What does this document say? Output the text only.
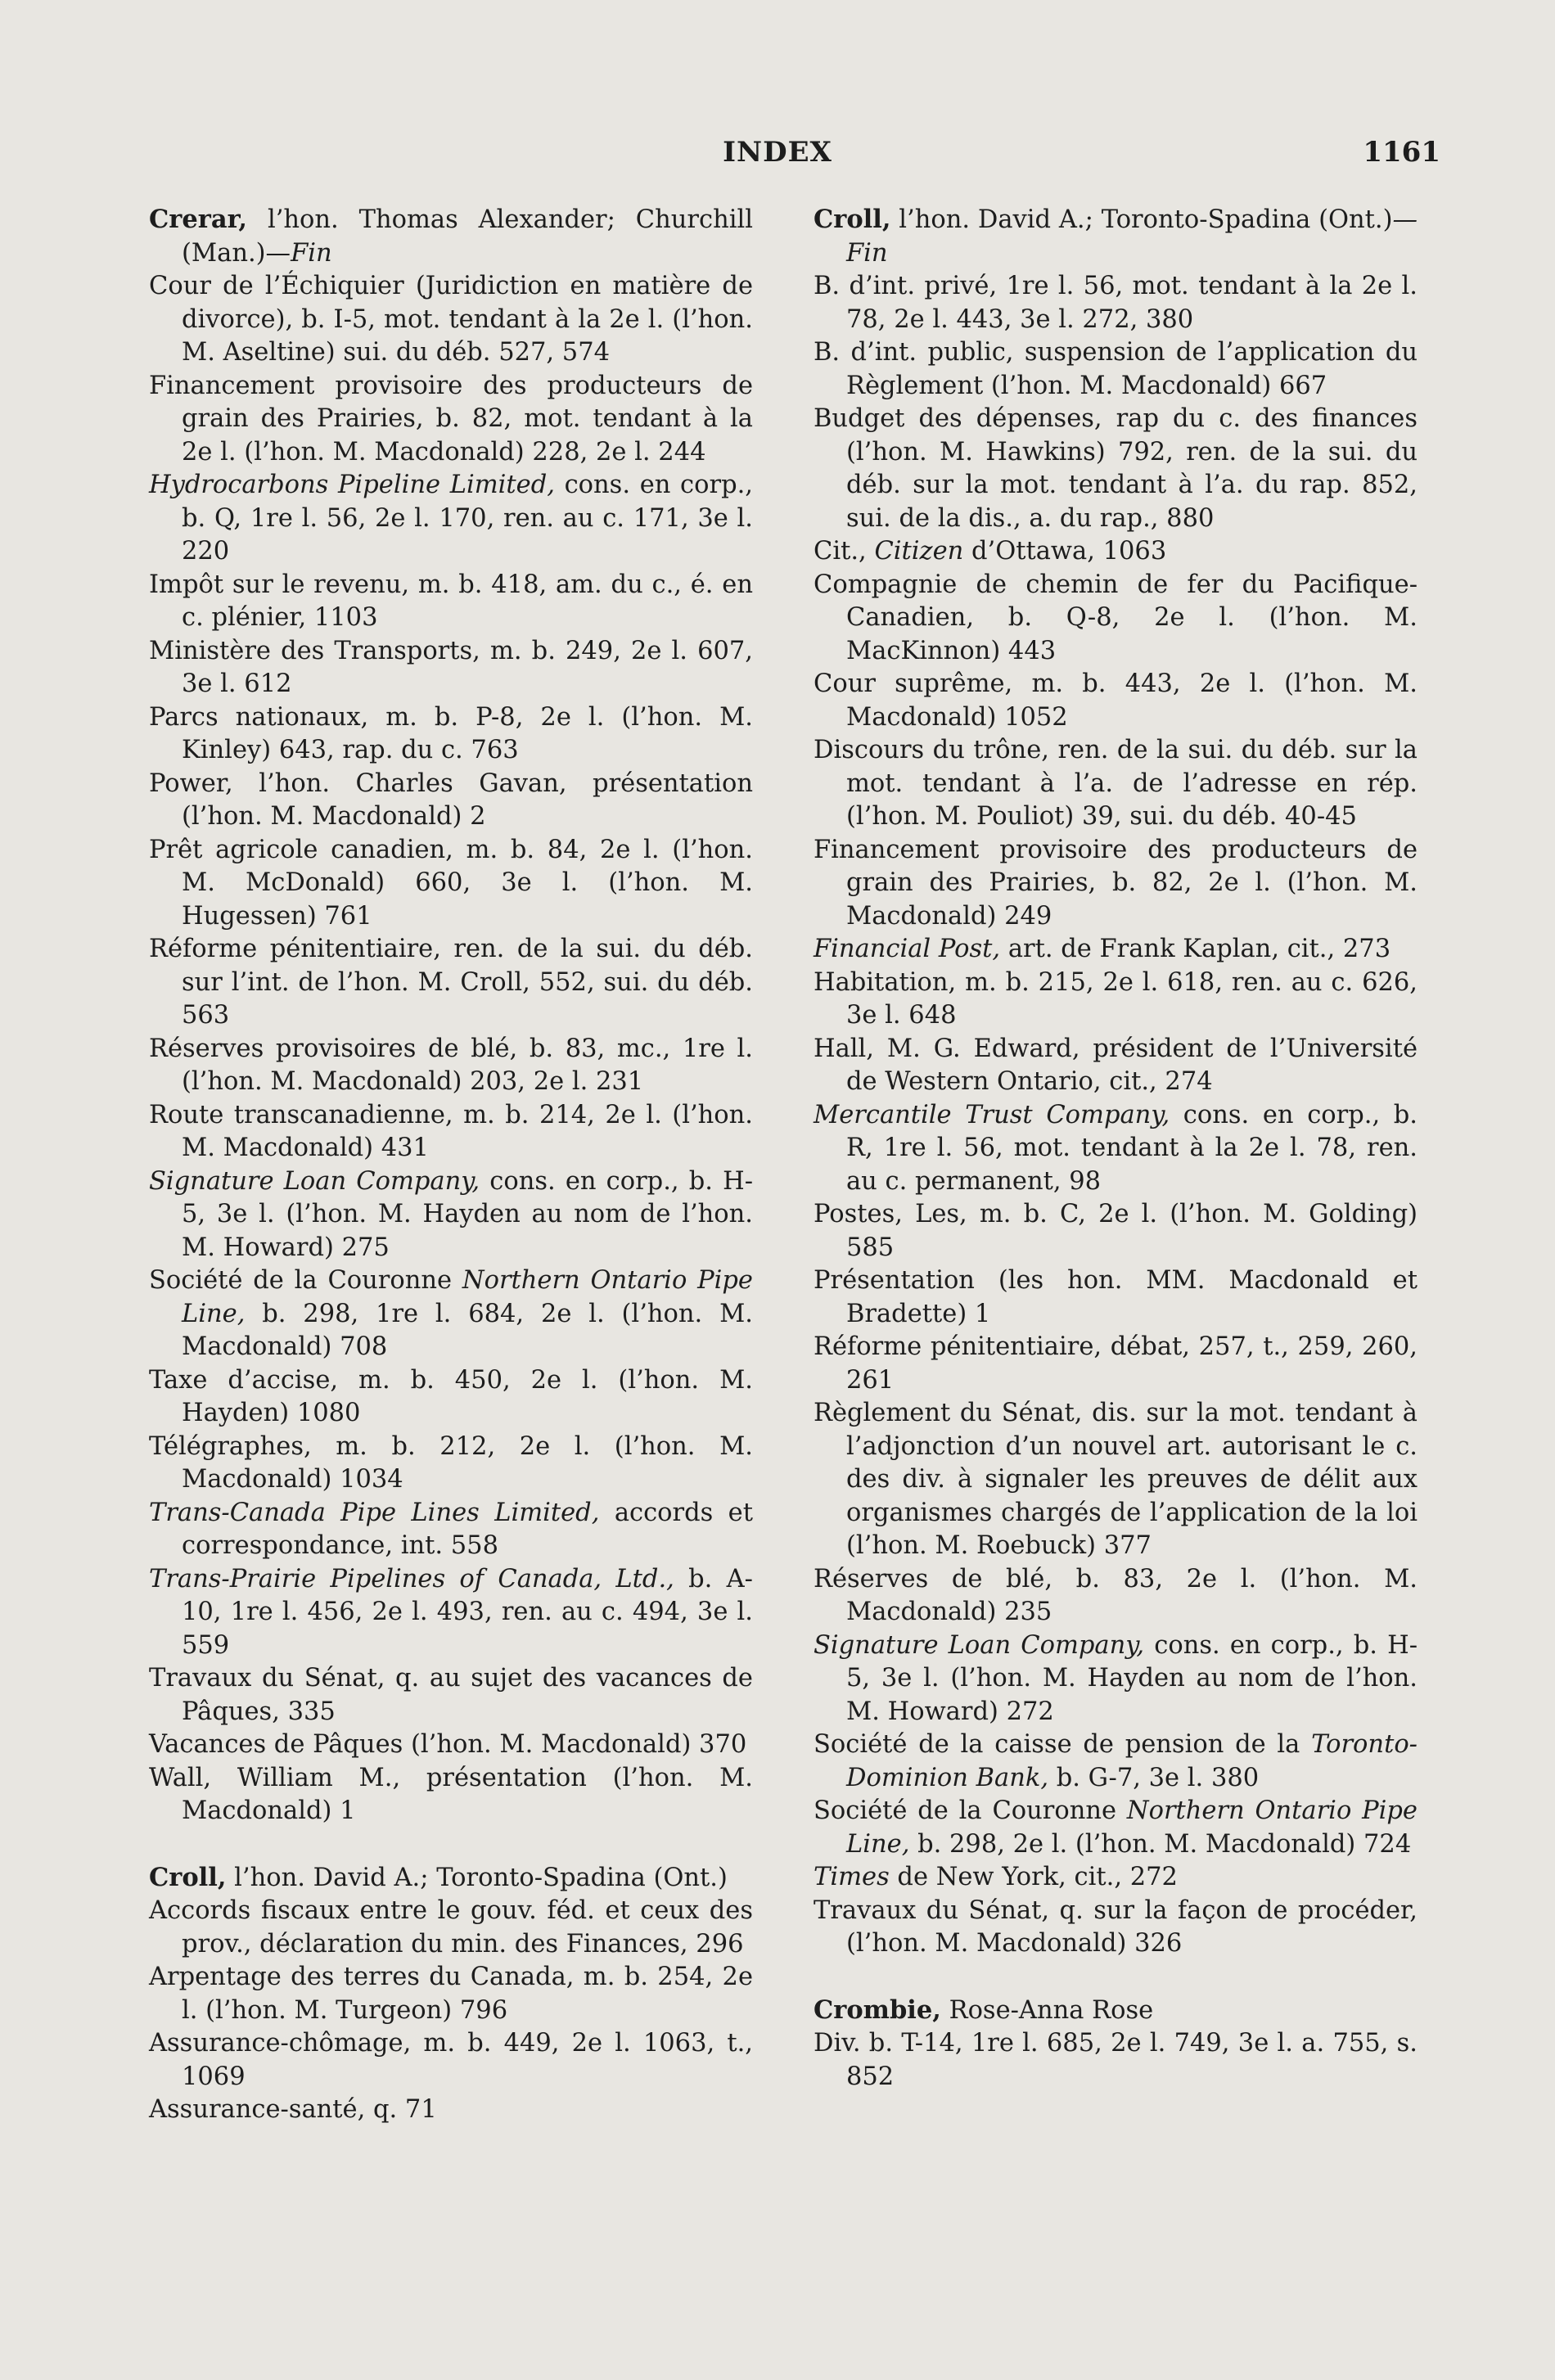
INDEX	1161

Crerar, l’hon. Thomas Alexander; Churchill (Man.)—Fin

Cour de l’Échiquier (Juridiction en matière de divorce), b. I-5, mot. tendant à la 2e l. (l’hon. M. Aseltine) sui. du déb. 527, 574

Financement provisoire des producteurs de grain des Prairies, b. 82, mot. tendant à la 2e l. (l’hon. M. Macdonald) 228, 2e l. 244

Hydrocarbons Pipeline Limited, cons. en corp., b. Q, 1re l. 56, 2e l. 170, ren. au c. 171, 3e l. 220

Impôt sur le revenu, m. b. 418, am. du c., é. en c. plénier, 1103

Ministère des Transports, m. b. 249, 2e l. 607, 3e l. 612

Parcs nationaux, m. b. P-8, 2e l. (l’hon. M. Kinley) 643, rap. du c. 763

Power, l’hon. Charles Gavan, présentation (l’hon. M. Macdonald) 2

Prêt agricole canadien, m. b. 84, 2e l. (l’hon. M. McDonald) 660, 3e l. (l’hon. M. Hugessen) 761

Réforme pénitentiaire, ren. de la sui. du déb. sur l’int. de l’hon. M. Croll, 552, sui. du déb. 563

Réserves provisoires de blé, b. 83, mc., 1re l. (l’hon. M. Macdonald) 203, 2e l. 231

Route transcanadienne, m. b. 214, 2e l. (l’hon. M. Macdonald) 431

Signature Loan Company, cons. en corp., b. H-5, 3e l. (l’hon. M. Hayden au nom de l’hon. M. Howard) 275

Société de la Couronne Northern Ontario Pipe Line, b. 298, 1re l. 684, 2e l. (l’hon. M. Macdonald) 708

Taxe d’accise, m. b. 450, 2e l. (l’hon. M. Hayden) 1080

Télégraphes, m. b. 212, 2e l. (l’hon. M. Macdonald) 1034

Trans-Canada Pipe Lines Limited, accords et correspondance, int. 558

Trans-Prairie Pipelines of Canada, Ltd., b. A-10, 1re l. 456, 2e l. 493, ren. au c. 494, 3e l. 559

Travaux du Sénat, q. au sujet des vacances de Pâques, 335

Vacances de Pâques (l’hon. M. Macdonald) 370

Wall, William M., présentation (l’hon. M. Macdonald) 1

Croll, l’hon. David A.; Toronto-Spadina (Ont.)

Accords fiscaux entre le gouv. féd. et ceux des prov., déclaration du min. des Finances, 296

Arpentage des terres du Canada, m. b. 254, 2e l. (l’hon. M. Turgeon) 796

Assurance-chômage, m. b. 449, 2e l. 1063, t., 1069

Assurance-santé, q. 71

Croll, l’hon. David A.; Toronto-Spadina (Ont.)—Fin

B. d’int. privé, 1re l. 56, mot. tendant à la 2e l. 78, 2e l. 443, 3e l. 272, 380

B. d’int. public, suspension de l’application du Règlement (l’hon. M. Macdonald) 667

Budget des dépenses, rap du c. des finances (l’hon. M. Hawkins) 792, ren. de la sui. du déb. sur la mot. tendant à l’a. du rap. 852, sui. de la dis., a. du rap., 880

Cit., Citizen d’Ottawa, 1063

Compagnie de chemin de fer du Pacifique-Canadien, b. Q-8, 2e l. (l’hon. M. MacKinnon) 443

Cour suprême, m. b. 443, 2e l. (l’hon. M. Macdonald) 1052

Discours du trône, ren. de la sui. du déb. sur la mot. tendant à l’a. de l’adresse en rép. (l’hon. M. Pouliot) 39, sui. du déb. 40-45

Financement provisoire des producteurs de grain des Prairies, b. 82, 2e l. (l’hon. M. Macdonald) 249

Financial Post, art. de Frank Kaplan, cit., 273

Habitation, m. b. 215, 2e l. 618, ren. au c. 626, 3e l. 648

Hall, M. G. Edward, président de l’Université de Western Ontario, cit., 274

Mercantile Trust Company, cons. en corp., b. R, 1re l. 56, mot. tendant à la 2e l. 78, ren. au c. permanent, 98

Postes, Les, m. b. C, 2e l. (l’hon. M. Golding) 585

Présentation (les hon. MM. Macdonald et Bradette) 1

Réforme pénitentiaire, débat, 257, t., 259, 260, 261

Règlement du Sénat, dis. sur la mot. tendant à l’adjonction d’un nouvel art. autorisant le c. des div. à signaler les preuves de délit aux organismes chargés de l’application de la loi (l’hon. M. Roebuck) 377

Réserves de blé, b. 83, 2e l. (l’hon. M. Macdonald) 235

Signature Loan Company, cons. en corp., b. H-5, 3e l. (l’hon. M. Hayden au nom de l’hon. M. Howard) 272

Société de la caisse de pension de la Toronto-Dominion Bank, b. G-7, 3e l. 380

Société de la Couronne Northern Ontario Pipe Line, b. 298, 2e l. (l’hon. M. Macdonald) 724

Times de New York, cit., 272

Travaux du Sénat, q. sur la façon de procéder, (l’hon. M. Macdonald) 326

Crombie, Rose-Anna Rose

Div. b. T-14, 1re l. 685, 2e l. 749, 3e l. a. 755, s. 852
